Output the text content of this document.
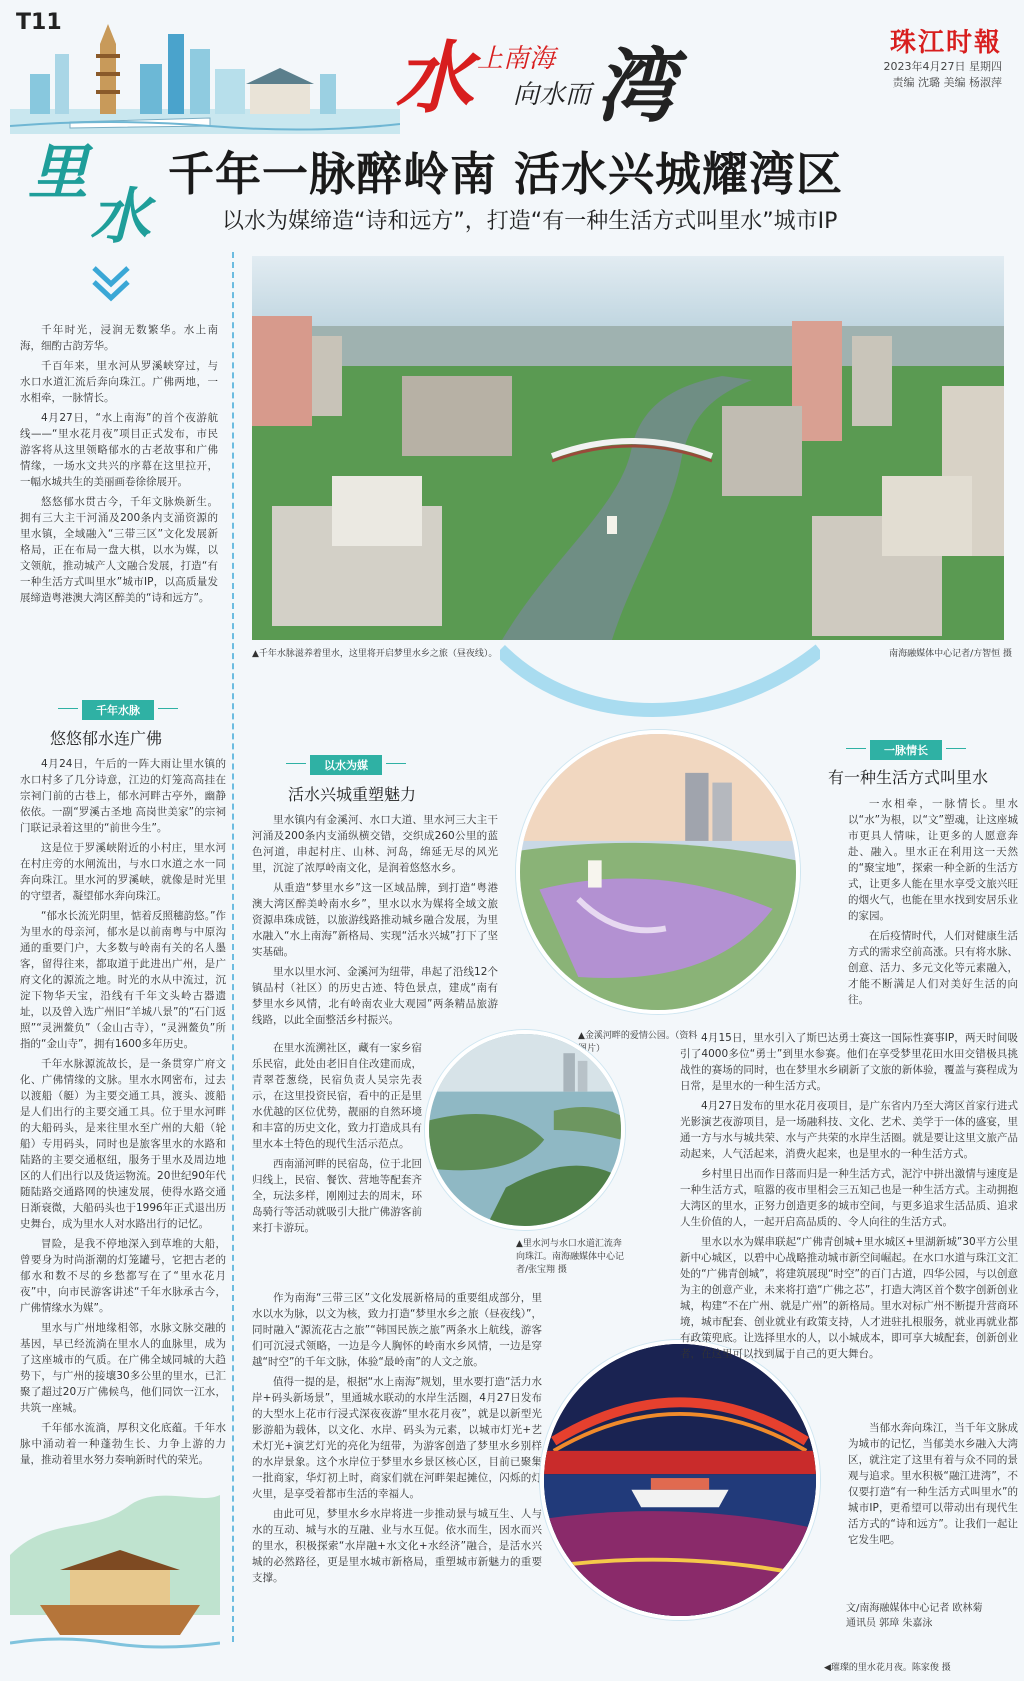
T11
水 上南海
向水而 湾	珠江时報
2023年4月27日 星期四
责编 沈璐 美编 杨淑萍
里
水
千年一脉醉岭南 活水兴城耀湾区
以水为媒缔造“诗和远方”，打造“有一种生活方式叫里水”城市IP

千年时光，浸润无数繁华。水上南海，细酌古韵芳华。

千百年来，里水河从罗溪峡穿过，与水口水道汇流后奔向珠江。广佛两地，一水相牵，一脉情长。

4月27日，“水上南海”的首个夜游航线——“里水花月夜”项目正式发布，市民游客将从这里领略郁水的古老故事和广佛情缘，一场水文共兴的序幕在这里拉开，一幅水城共生的美丽画卷徐徐展开。

悠悠郁水贯古今，千年文脉焕新生。拥有三大主干河涌及200条内支涌资源的里水镇，全域融入“三带三区”文化发展新格局，正在布局一盘大棋，以水为媒，以文领航，推动城产人文融合发展，打造“有一种生活方式叫里水”城市IP，以高质量发展缔造粤港澳大湾区醉美的“诗和远方”。

▲千年水脉滋养着里水，这里将开启梦里水乡之旅（昼夜线）。	南海融媒体中心记者/方智恒 摄
千年水脉
悠悠郁水连广佛

4月24日，午后的一阵大雨让里水镇的水口村多了几分诗意，江边的灯笼高高挂在宗祠门前的古巷上，郁水河畔古亭外，幽静依依。一副“罗溪古圣地 高岗世美家”的宗祠门联记录着这里的“前世今生”。

这是位于罗溪峡附近的小村庄，里水河在村庄旁的水闸流出，与水口水道之水一同奔向珠江。里水河的罗溪峡，就像是时光里的守望者，凝望郁水奔向珠江。

“郁水长流光阴里，惦着反照穗韵悠。”作为里水的母亲河，郁水是以前南粤与中原沟通的重要门户，大多数与岭南有关的名人墨客，留得往来，都取道于此进出广州，是广府文化的源流之地。时光的水从中流过，沉淀下物华天宝，沿线有千年文头岭古器遗址，以及曾入选广州旧“羊城八景”的“石门返照”“灵洲鳌负”（金山古寺），“灵洲鳌负”所指的“金山寺”，拥有1600多年历史。

千年水脉源流故长，是一条贯穿广府文化、广佛情缘的文脉。里水水网密布，过去以渡船（艇）为主要交通工具，渡头、渡船是人们出行的主要交通工具。位于里水河畔的大船码头，是来往里水至广州的大船（轮船）专用码头，同时也是旅客里水的水路和陆路的主要交通枢纽，服务于里水及周边地区的人们出行以及货运物流。20世纪90年代随陆路交通路网的快速发展，使得水路交通日渐衰微，大船码头也于1996年正式退出历史舞台，成为里水人对水路出行的记忆。

冒险，是我不停地深入到草堆的大船，曾要身为时尚浙潮的灯笼罐号，它把古老的郁水和数不尽的乡愁都写在了“里水花月夜”中，向市民游客讲述“千年水脉承古今，广佛情缘水为媒”。

里水与广州地缘相邻，水脉文脉交融的基因，早已经流淌在里水人的血脉里，成为了这座城市的气质。在广佛全域同城的大趋势下，与广州的接壤30多公里的里水，已汇聚了超过20万广佛候鸟，他们同饮一江水，共筑一座城。

千年郁水流淌，厚积文化底蕴。千年水脉中涌动着一种蓬勃生长、力争上游的力量，推动着里水努力奏响新时代的荣光。

以水为媒
活水兴城重塑魅力

里水镇内有金溪河、水口大道、里水河三大主干河涌及200条内支涌纵横交错，交织成260公里的蓝色河道，串起村庄、山林、河岛，绵延无尽的风光里，沉淀了浓厚岭南文化，是润着悠悠水乡。

从重造“梦里水乡”这一区域品牌，到打造“粤港澳大湾区醉美岭南水乡”，里水以水为媒将全域文旅资源串珠成链，以旅游线路推动城乡融合发展，为里水融入“水上南海”新格局、实现“活水兴城”打下了坚实基础。

里水以里水河、金溪河为纽带，串起了沿线12个镇品村（社区）的历史古迹、特色景点，建成“南有梦里水乡风情，北有岭南农业大观园”两条精品旅游线路，以此全面整活乡村振兴。

在里水流溯社区，藏有一家乡宿乐民宿，此处由老旧自住改建而成，青翠苍葱绕，民宿负责人吴宗先表示，在这里投资民宿，看中的正是里水优越的区位优势，靓丽的自然环境和丰富的历史文化，致力打造成具有里水本土特色的现代生活示范点。

西南涌河畔的民宿岛，位于北回归线上，民宿、餐饮、营地等配套齐全，玩法多样，刚刚过去的周末，环岛骑行等活动就吸引大批广佛游客前来打卡游玩。

作为南海“三带三区”文化发展新格局的重要组成部分，里水以水为脉，以文为核，致力打造“梦里水乡之旅（昼夜线）”，同时融入“源流花古之旅”“韩国民族之旅”两条水上航线，游客们可沉浸式领略，一边是今人胸怀的岭南水乡风情，一边是穿越“时空”的千年文脉，体验“最岭南”的人文之旅。

值得一提的是，根据“水上南海”规划，里水要打造“活力水岸+码头新场景”，里通城水联动的水岸生活圈，4月27日发布的大型水上花市行浸式深夜夜游“里水花月夜”，就是以新型光影游船为载体，以文化、水岸、码头为元素，以城市灯光+艺术灯光+演艺灯光的亮化为纽带，为游客创造了梦里水乡别样的水岸景象。这个水岸位于梦里水乡景区核心区，目前已聚集一批商家，华灯初上时，商家们就在河畔架起摊位，闪烁的灯火里，是享受着都市生活的幸福人。

由此可见，梦里水乡水岸将进一步推动景与城互生、人与水的互动、城与水的互融、业与水互促。依水而生，因水而兴的里水，积极探索“水岸融+水文化+水经济”融合，是活水兴城的必然路径，更是里水城市新格局，重塑城市新魅力的重要支撑。

▲金溪河畔的爱情公园。（资料图片）
▲里水河与水口水道汇流奔向珠江。南海融媒体中心记者/张宝翔 摄
◀璀璨的里水花月夜。陈家俊 摄
一脉情长
有一种生活方式叫里水

一水相牵，一脉情长。里水以“水”为根，以“文”塑魂，让这座城市更具人情味，让更多的人愿意奔赴、融入。里水正在利用这一天然的“聚宝地”，探索一种全新的生活方式，让更多人能在里水享受文旅兴旺的烟火气，也能在里水找到安居乐业的家园。

在后疫情时代，人们对健康生活方式的需求空前高涨。只有将水脉、创意、活力、多元文化等元素融入，才能不断满足人们对美好生活的向往。

4月15日，里水引入了斯巴达勇士赛这一国际性赛事IP，两天时间吸引了4000多位“勇士”到里水参赛。他们在享受梦里花田水田交错极具挑战性的赛场的同时，也在梦里水乡刷新了文旅的新体验，覆盖与赛程成为日常，是里水的一种生活方式。

4月27日发布的里水花月夜项目，是广东省内乃至大湾区首家行进式光影演艺夜游项目，是一场融科技、文化、艺术、美学于一体的盛宴，里通一方与水与城共荣、水与产共荣的水岸生活圈。就是要让这里文旅产品动起来，人气活起来，消费火起来，也是里水的一种生活方式。

乡村里日出而作日落而归是一种生活方式，泥泞中拼出激情与速度是一种生活方式，喧嚣的夜市里相会三五知己也是一种生活方式。主动拥抱大湾区的里水，正努力创造更多的城市空间，与更多追求生活品质、追求人生价值的人，一起开启高品质的、令人向往的生活方式。

里水以水为媒串联起“广佛青创城+里水城区+里湖新城”30平方公里新中心城区，以碧中心战略推动城市新空间崛起。在水口水道与珠江文汇处的“广佛青创城”，将建筑展现“时空”的百门古道，四华公园，与以创意为主的创意产业，未来将打造“广佛之芯”，打造大湾区首个数字创新创业城，构建“不在广州、就是广州”的新格局。里水对标广州不断提升营商环境，城市配套、创业就业有政策支持，人才进驻扎根服务，就业再就业都有政策兜底。让选择里水的人，以小城成本，即可享大城配套，创新创业者，在这里可以找到属于自己的更大舞台。

当郁水奔向珠江，当千年文脉成为城市的记忆，当郁美水乡融入大湾区，就注定了这里有着与众不同的景观与追求。里水积极“融江进湾”，不仅要打造“有一种生活方式叫里水”的城市IP，更希望可以带动出有现代生活方式的“诗和远方”。让我们一起让它发生吧。

文/南海融媒体中心记者 欧林菊
通讯员 郭璋 朱嘉泳
